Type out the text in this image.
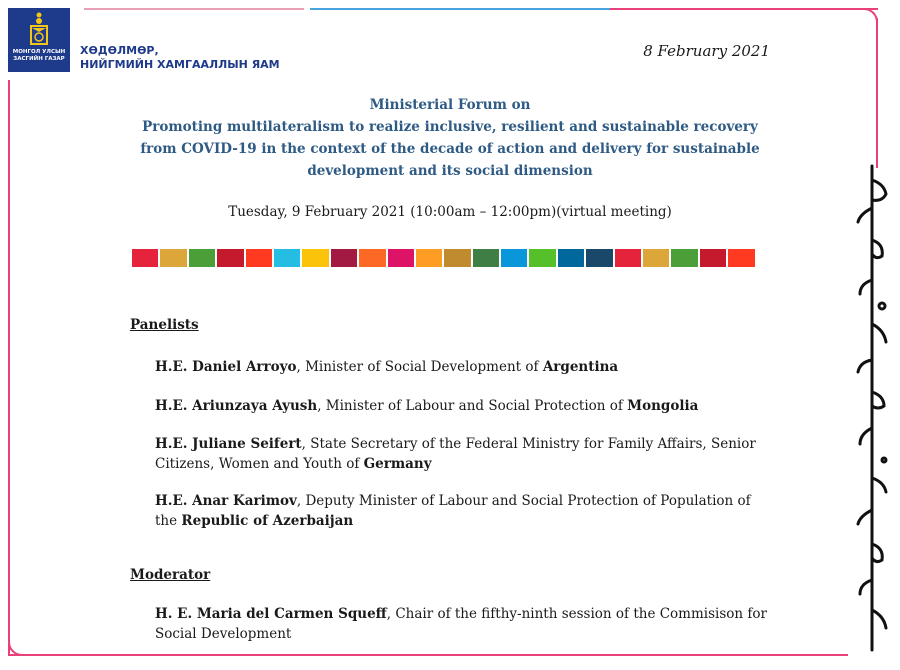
МОНГОЛ УЛСЫН
ЗАСГИЙН ГАЗАР
ХӨДӨЛМӨР,
НИЙГМИЙН ХАМГААЛЛЫН ЯАМ
8 February 2021
Ministerial Forum on
Promoting multilateralism to realize inclusive, resilient and sustainable recovery
from COVID-19 in the context of the decade of action and delivery for sustainable
development and its social dimension
Tuesday, 9 February 2021 (10:00am – 12:00pm)(virtual meeting)
Panelists
H.E. Daniel Arroyo, Minister of Social Development of Argentina
H.E. Ariunzaya Ayush, Minister of Labour and Social Protection of Mongolia
H.E. Juliane Seifert, State Secretary of the Federal Ministry for Family Affairs, Senior Citizens, Women and Youth of Germany
H.E. Anar Karimov, Deputy Minister of Labour and Social Protection of Population of the Republic of Azerbaijan
Moderator
H. E. Maria del Carmen Squeff, Chair of the fifthy-ninth session of the Commisison for Social Development
